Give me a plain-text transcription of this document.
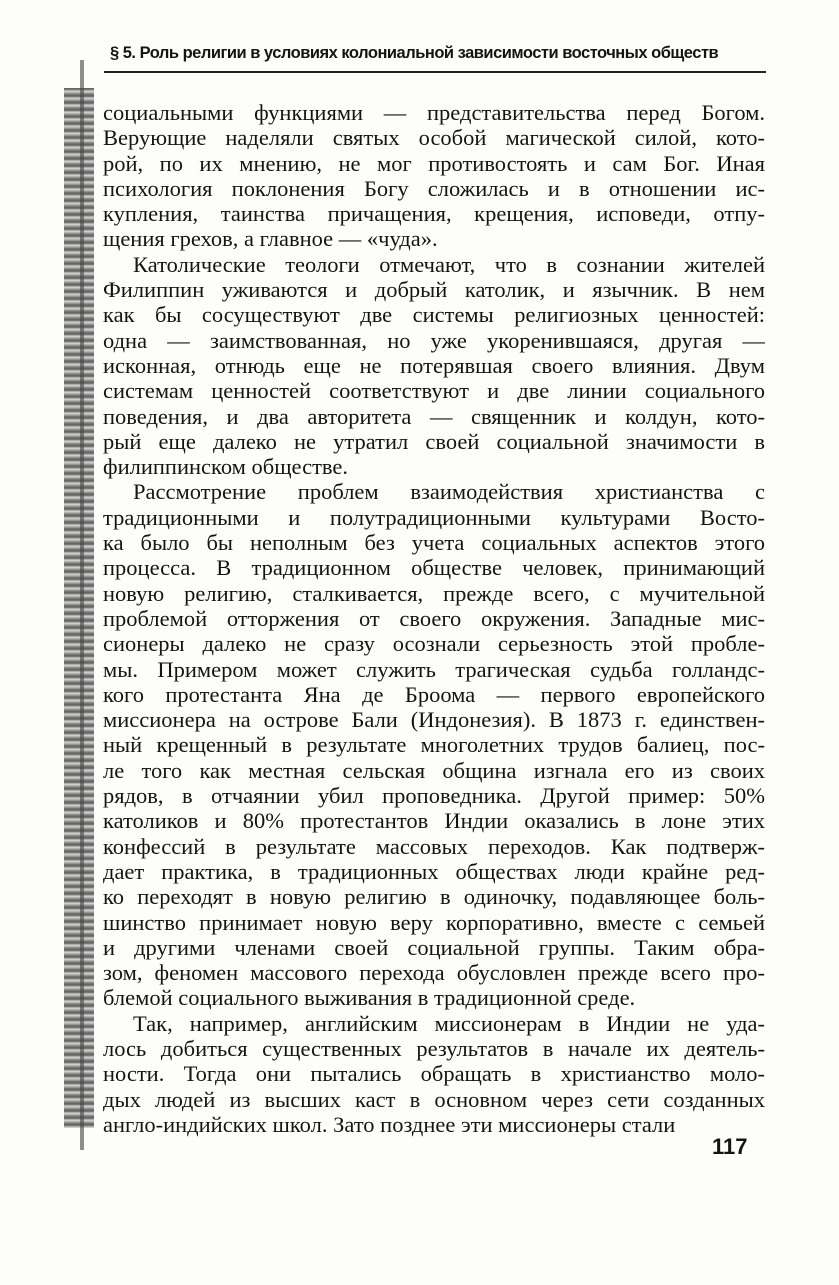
§ 5. Роль религии в условиях колониальной зависимости восточных обществ

социальными функциями — представительства перед Богом.
Верующие наделяли святых особой магической силой, кото-
рой, по их мнению, не мог противостоять и сам Бог. Иная
психология поклонения Богу сложилась и в отношении ис-
купления, таинства причащения, крещения, исповеди, отпу-
щения грехов, а главное — «чуда».

Католические теологи отмечают, что в сознании жителей
Филиппин уживаются и добрый католик, и язычник. В нем
как бы сосуществуют две системы религиозных ценностей:
одна — заимствованная, но уже укоренившаяся, другая —
исконная, отнюдь еще не потерявшая своего влияния. Двум
системам ценностей соответствуют и две линии социального
поведения, и два авторитета — священник и колдун, кото-
рый еще далеко не утратил своей социальной значимости в
филиппинском обществе.

Рассмотрение проблем взаимодействия христианства с
традиционными и полутрадиционными культурами Восто-
ка было бы неполным без учета социальных аспектов этого
процесса. В традиционном обществе человек, принимающий
новую религию, сталкивается, прежде всего, с мучительной
проблемой отторжения от своего окружения. Западные мис-
сионеры далеко не сразу осознали серьезность этой пробле-
мы. Примером может служить трагическая судьба голландс-
кого протестанта Яна де Броома — первого европейского
миссионера на острове Бали (Индонезия). В 1873 г. единствен-
ный крещенный в результате многолетних трудов балиец, пос-
ле того как местная сельская община изгнала его из своих
рядов, в отчаянии убил проповедника. Другой пример: 50%
католиков и 80% протестантов Индии оказались в лоне этих
конфессий в результате массовых переходов. Как подтверж-
дает практика, в традиционных обществах люди крайне ред-
ко переходят в новую религию в одиночку, подавляющее боль-
шинство принимает новую веру корпоративно, вместе с семьей
и другими членами своей социальной группы. Таким обра-
зом, феномен массового перехода обусловлен прежде всего про-
блемой социального выживания в традиционной среде.

Так, например, английским миссионерам в Индии не уда-
лось добиться существенных результатов в начале их деятель-
ности. Тогда они пытались обращать в христианство моло-
дых людей из высших каст в основном через сети созданных
англо-индийских школ. Зато позднее эти миссионеры стали

117
